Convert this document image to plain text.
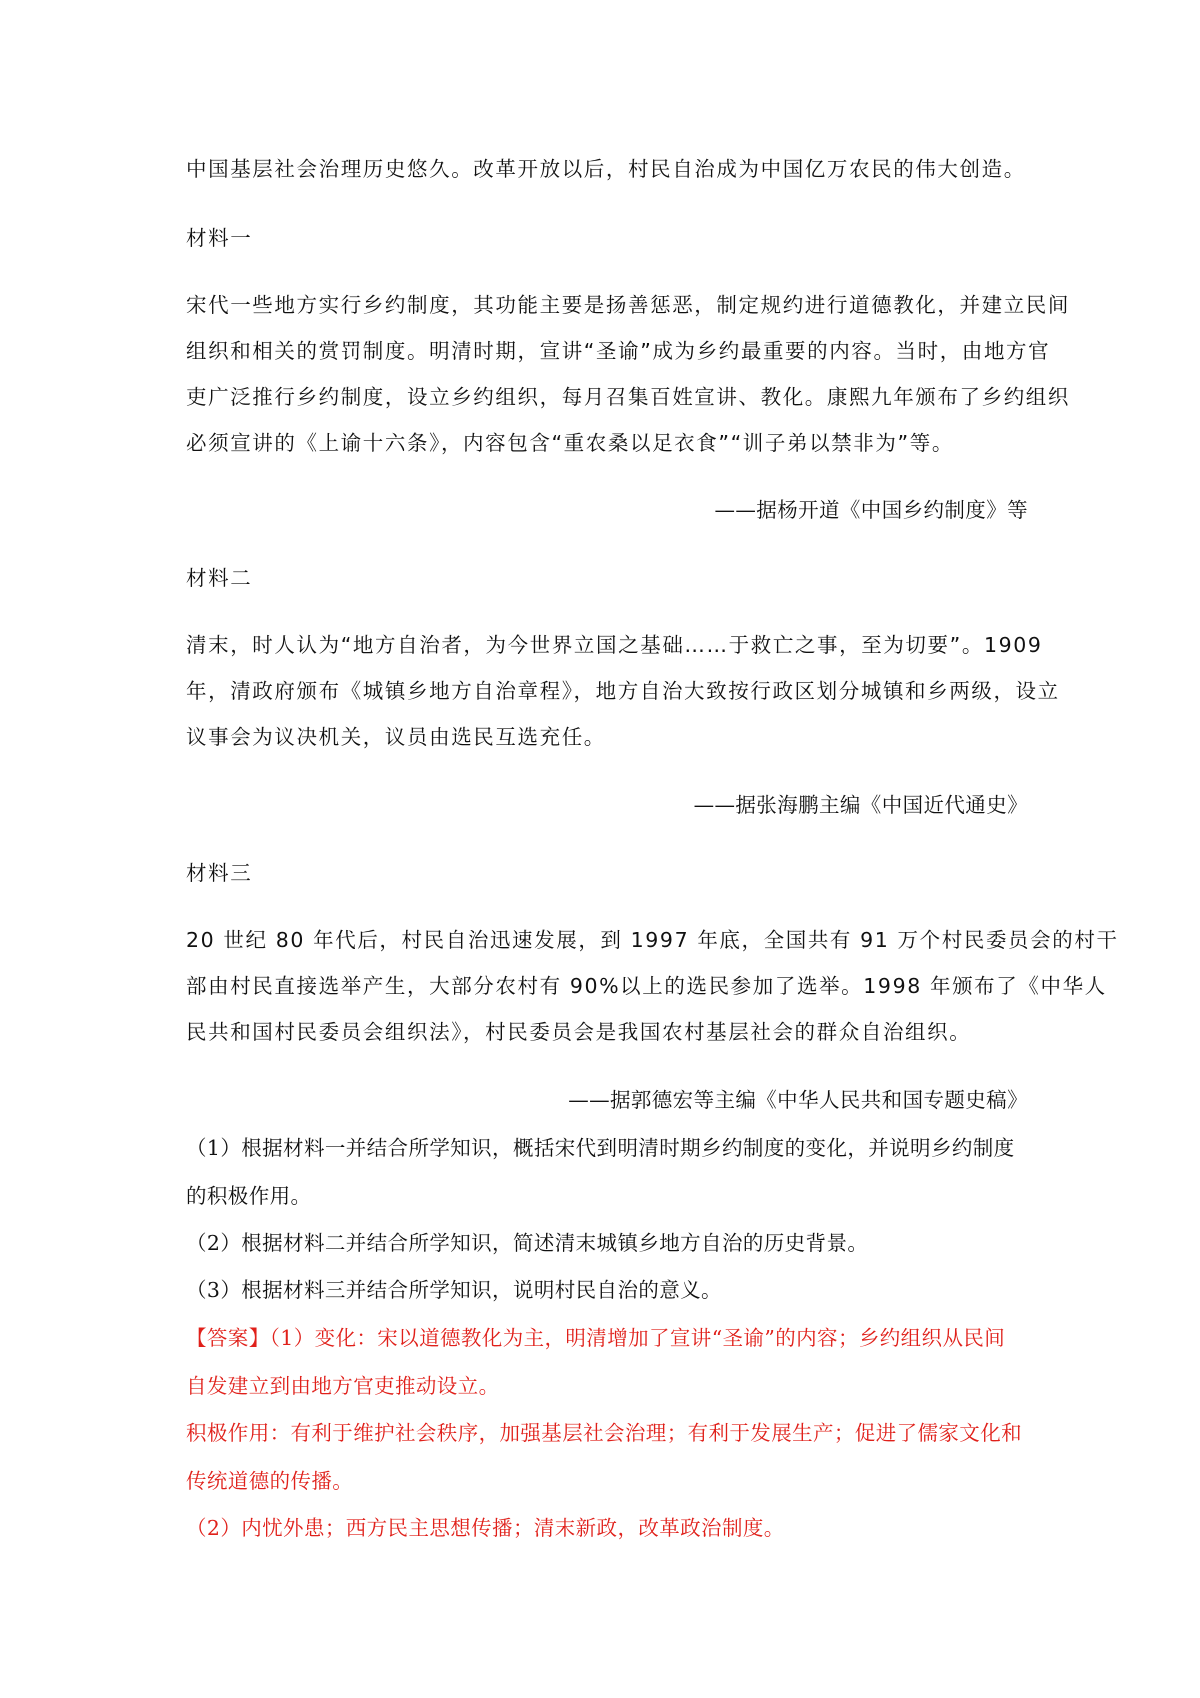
中国基层社会治理历史悠久。改革开放以后，村民自治成为中国亿万农民的伟大创造。
材料一
宋代一些地方实行乡约制度，其功能主要是扬善惩恶，制定规约进行道德教化，并建立民间
组织和相关的赏罚制度。明清时期，宣讲“圣谕”成为乡约最重要的内容。当时，由地方官
吏广泛推行乡约制度，设立乡约组织，每月召集百姓宣讲、教化。康熙九年颁布了乡约组织
必须宣讲的《上谕十六条》，内容包含“重农桑以足衣食”“训子弟以禁非为”等。
——据杨开道《中国乡约制度》等
材料二
清末，时人认为“地方自治者，为今世界立国之基础……于救亡之事，至为切要”。1909
年，清政府颁布《城镇乡地方自治章程》，地方自治大致按行政区划分城镇和乡两级，设立
议事会为议决机关，议员由选民互选充任。
——据张海鹏主编《中国近代通史》
材料三
20 世纪 80 年代后，村民自治迅速发展，到 1997 年底，全国共有 91 万个村民委员会的村干
部由村民直接选举产生，大部分农村有 90%以上的选民参加了选举。1998 年颁布了《中华人
民共和国村民委员会组织法》，村民委员会是我国农村基层社会的群众自治组织。
——据郭德宏等主编《中华人民共和国专题史稿》
（1）根据材料一并结合所学知识，概括宋代到明清时期乡约制度的变化，并说明乡约制度
的积极作用。
（2）根据材料二并结合所学知识，简述清末城镇乡地方自治的历史背景。
（3）根据材料三并结合所学知识，说明村民自治的意义。
【答案】（1）变化：宋以道德教化为主，明清增加了宣讲“圣谕”的内容；乡约组织从民间
自发建立到由地方官吏推动设立。
积极作用：有利于维护社会秩序，加强基层社会治理；有利于发展生产；促进了儒家文化和
传统道德的传播。
（2）内忧外患；西方民主思想传播；清末新政，改革政治制度。
